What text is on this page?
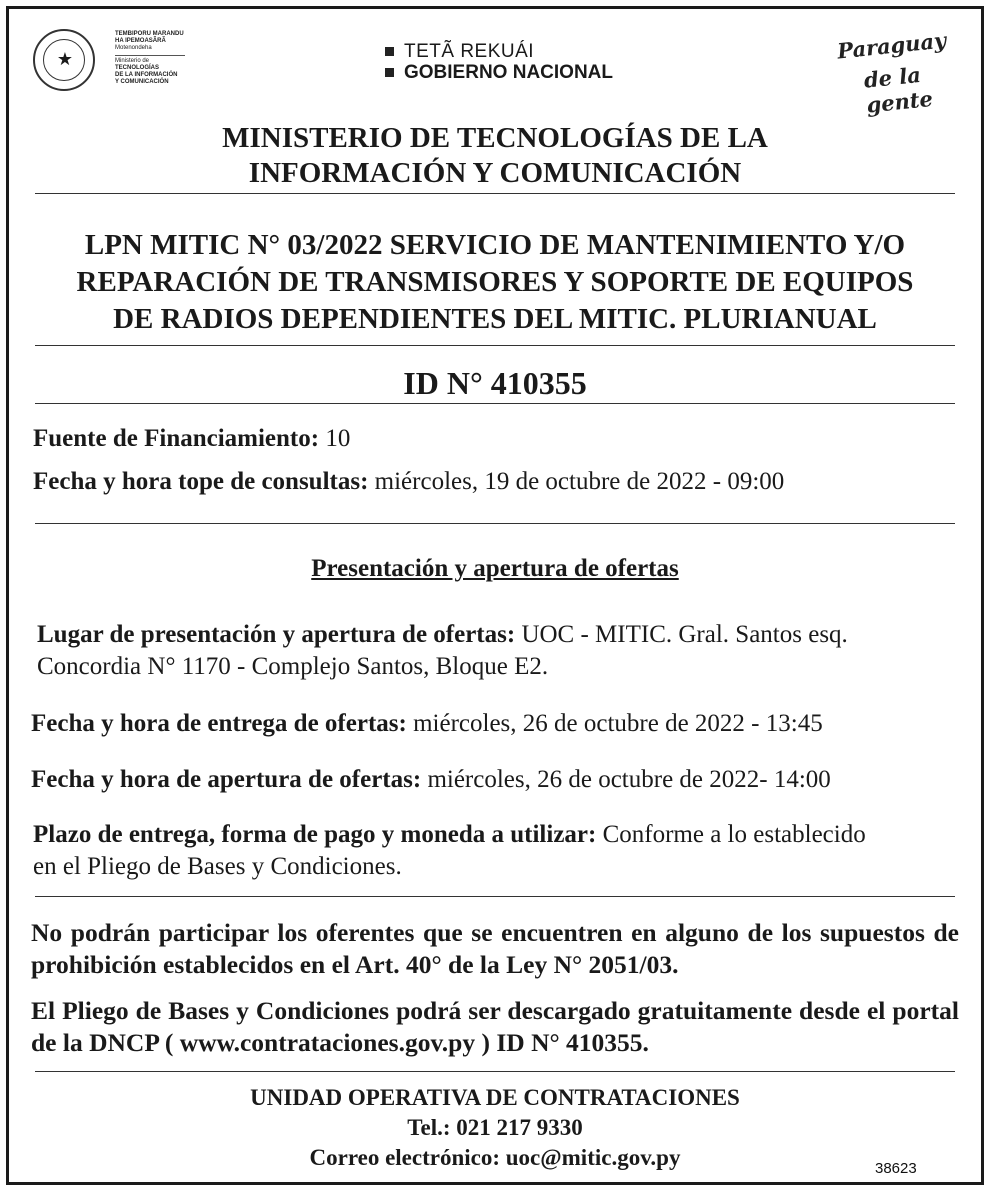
★
TEMBIPORU MARANDU
HA IPEMOASÃRÃ
Motenondeha
Ministerio de
TECNOLOGÍAS
DE LA INFORMACIÓN
Y COMUNICACIÓN
TETÃ REKUÁI
GOBIERNO NACIONAL
Paraguay
de la gente
MINISTERIO DE TECNOLOGÍAS DE LA
INFORMACIÓN Y COMUNICACIÓN
LPN MITIC N° 03/2022 SERVICIO DE MANTENIMIENTO Y/O
REPARACIÓN DE TRANSMISORES Y SOPORTE DE EQUIPOS
DE RADIOS DEPENDIENTES DEL MITIC. PLURIANUAL
ID N° 410355
Fuente de Financiamiento: 10
Fecha y hora tope de consultas: miércoles, 19 de octubre de 2022 - 09:00
Presentación y apertura de ofertas
Lugar de presentación y apertura de ofertas: UOC - MITIC. Gral. Santos esq.
Concordia N° 1170 - Complejo Santos, Bloque E2.
Fecha y hora de entrega de ofertas: miércoles, 26 de octubre de 2022 - 13:45
Fecha y hora de apertura de ofertas: miércoles, 26 de octubre de 2022- 14:00
Plazo de entrega, forma de pago y moneda a utilizar: Conforme a lo establecido
en el Pliego de Bases y Condiciones.
No podrán participar los oferentes que se encuentren en alguno de los supuestos de prohibición establecidos en el Art. 40° de la Ley N° 2051/03.
El Pliego de Bases y Condiciones podrá ser descargado gratuitamente desde el portal de la DNCP ( www.contrataciones.gov.py ) ID N° 410355.
UNIDAD OPERATIVA DE CONTRATACIONES
Tel.: 021 217 9330
Correo electrónico: uoc@mitic.gov.py	38623
